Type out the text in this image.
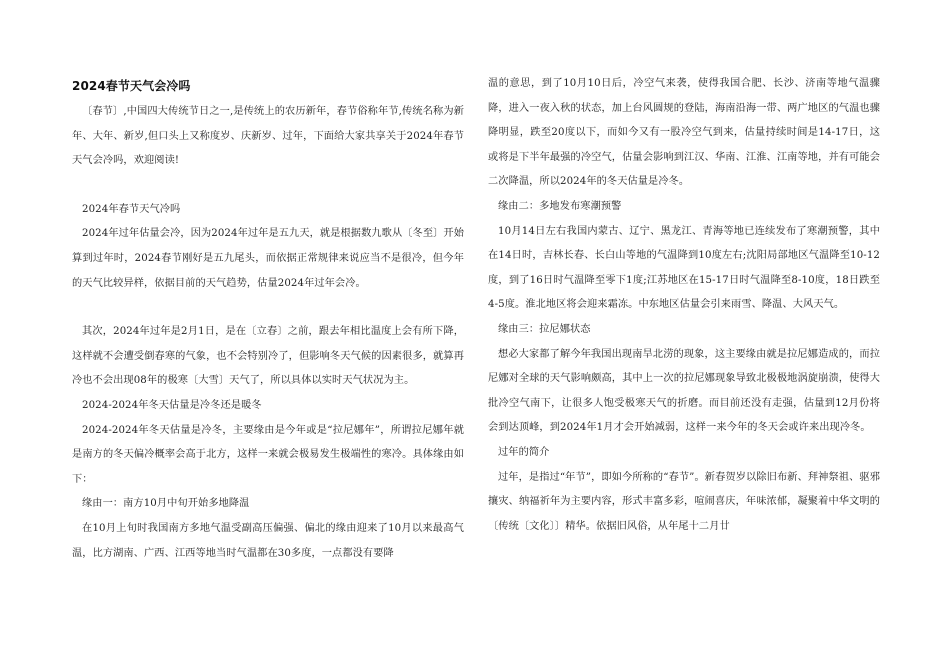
2024春节天气会冷吗

〔春节〕,中国四大传统节日之一,是传统上的农历新年，春节俗称年节,传统名称为新年、大年、新岁,但口头上又称度岁、庆新岁、过年，下面给大家共享关于2024年春节天气会冷吗，欢迎阅读!

2024年春节天气冷吗

2024年过年估量会冷，因为2024年过年是五九天，就是根据数九歌从〔冬至〕开始算到过年时，2024春节刚好是五九尾头，而依据正常规律来说应当不是很冷，但今年的天气比较异样，依据目前的天气趋势，估量2024年过年会冷。

其次，2024年过年是2月1日，是在〔立春〕之前，跟去年相比温度上会有所下降，这样就不会遭受倒春寒的气象，也不会特别冷了，但影响冬天气候的因素很多，就算再冷也不会出现08年的极寒〔大雪〕天气了，所以具体以实时天气状况为主。

2024-2024年冬天估量是冷冬还是暖冬

2024-2024年冬天估量是冷冬，主要缘由是今年或是“拉尼娜年”，所谓拉尼娜年就是南方的冬天偏冷概率会高于北方，这样一来就会极易发生极端性的寒冷。具体缘由如下：

缘由一：南方10月中旬开始多地降温

在10月上旬时我国南方多地气温受副高压偏强、偏北的缘由迎来了10月以来最高气温，比方湖南、广西、江西等地当时气温都在30多度，一点都没有要降

温的意思，到了10月10日后，冷空气来袭，使得我国合肥、长沙、济南等地气温骤降，进入一夜入秋的状态，加上台风圆规的登陆，海南沿海一带、两广地区的气温也骤降明显，跌至20度以下，而如今又有一股冷空气到来，估量持续时间是14-17日，这或将是下半年最强的冷空气，估量会影响到江汉、华南、江淮、江南等地，并有可能会二次降温，所以2024年的冬天估量是冷冬。

缘由二：多地发布寒潮预警

10月14日左右我国内蒙古、辽宁、黑龙江、青海等地已连续发布了寒潮预警，其中在14日时，吉林长春、长白山等地的气温降到10度左右;沈阳局部地区气温降至10-12度，到了16日时气温降至零下1度;江苏地区在15-17日时气温降至8-10度，18日跌至4-5度。淮北地区将会迎来霜冻。中东地区估量会引来雨雪、降温、大风天气。

缘由三：拉尼娜状态

想必大家都了解今年我国出现南旱北涝的现象，这主要缘由就是拉尼娜造成的，而拉尼娜对全球的天气影响颇高，其中上一次的拉尼娜现象导致北极极地涡旋崩溃，使得大批冷空气南下，让很多人饱受极寒天气的折磨。而目前还没有走强，估量到12月份将会到达顶峰，到2024年1月才会开始减弱，这样一来今年的冬天会或许来出现冷冬。

过年的简介

过年，是指过“年节”，即如今所称的“春节”。新春贺岁以除旧布新、拜神祭祖、驱邪攘灾、纳福祈年为主要内容，形式丰富多彩，喧闹喜庆，年味浓郁，凝聚着中华文明的〔传统〔文化〕〕精华。依据旧风俗，从年尾十二月廿
